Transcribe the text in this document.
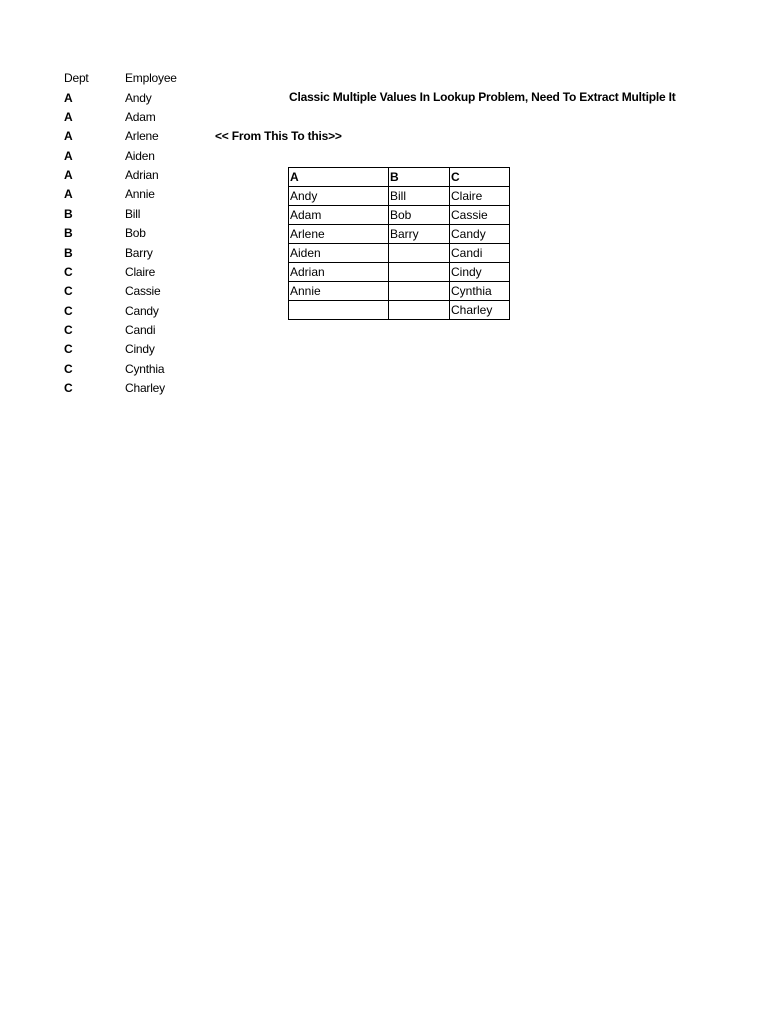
Dept	Employee
A	Andy
A	Adam
A	Arlene
A	Aiden
A	Adrian
A	Annie
B	Bill
B	Bob
B	Barry
C	Claire
C	Cassie
C	Candy
C	Candi
C	Cindy
C	Cynthia
C	Charley
Classic Multiple Values In Lookup Problem, Need To Extract Multiple It
<< From This To this>>
A	B	C
Andy	Bill	Claire
Adam	Bob	Cassie
Arlene	Barry	Candy
Aiden		Candi
Adrian		Cindy
Annie		Cynthia
		Charley
